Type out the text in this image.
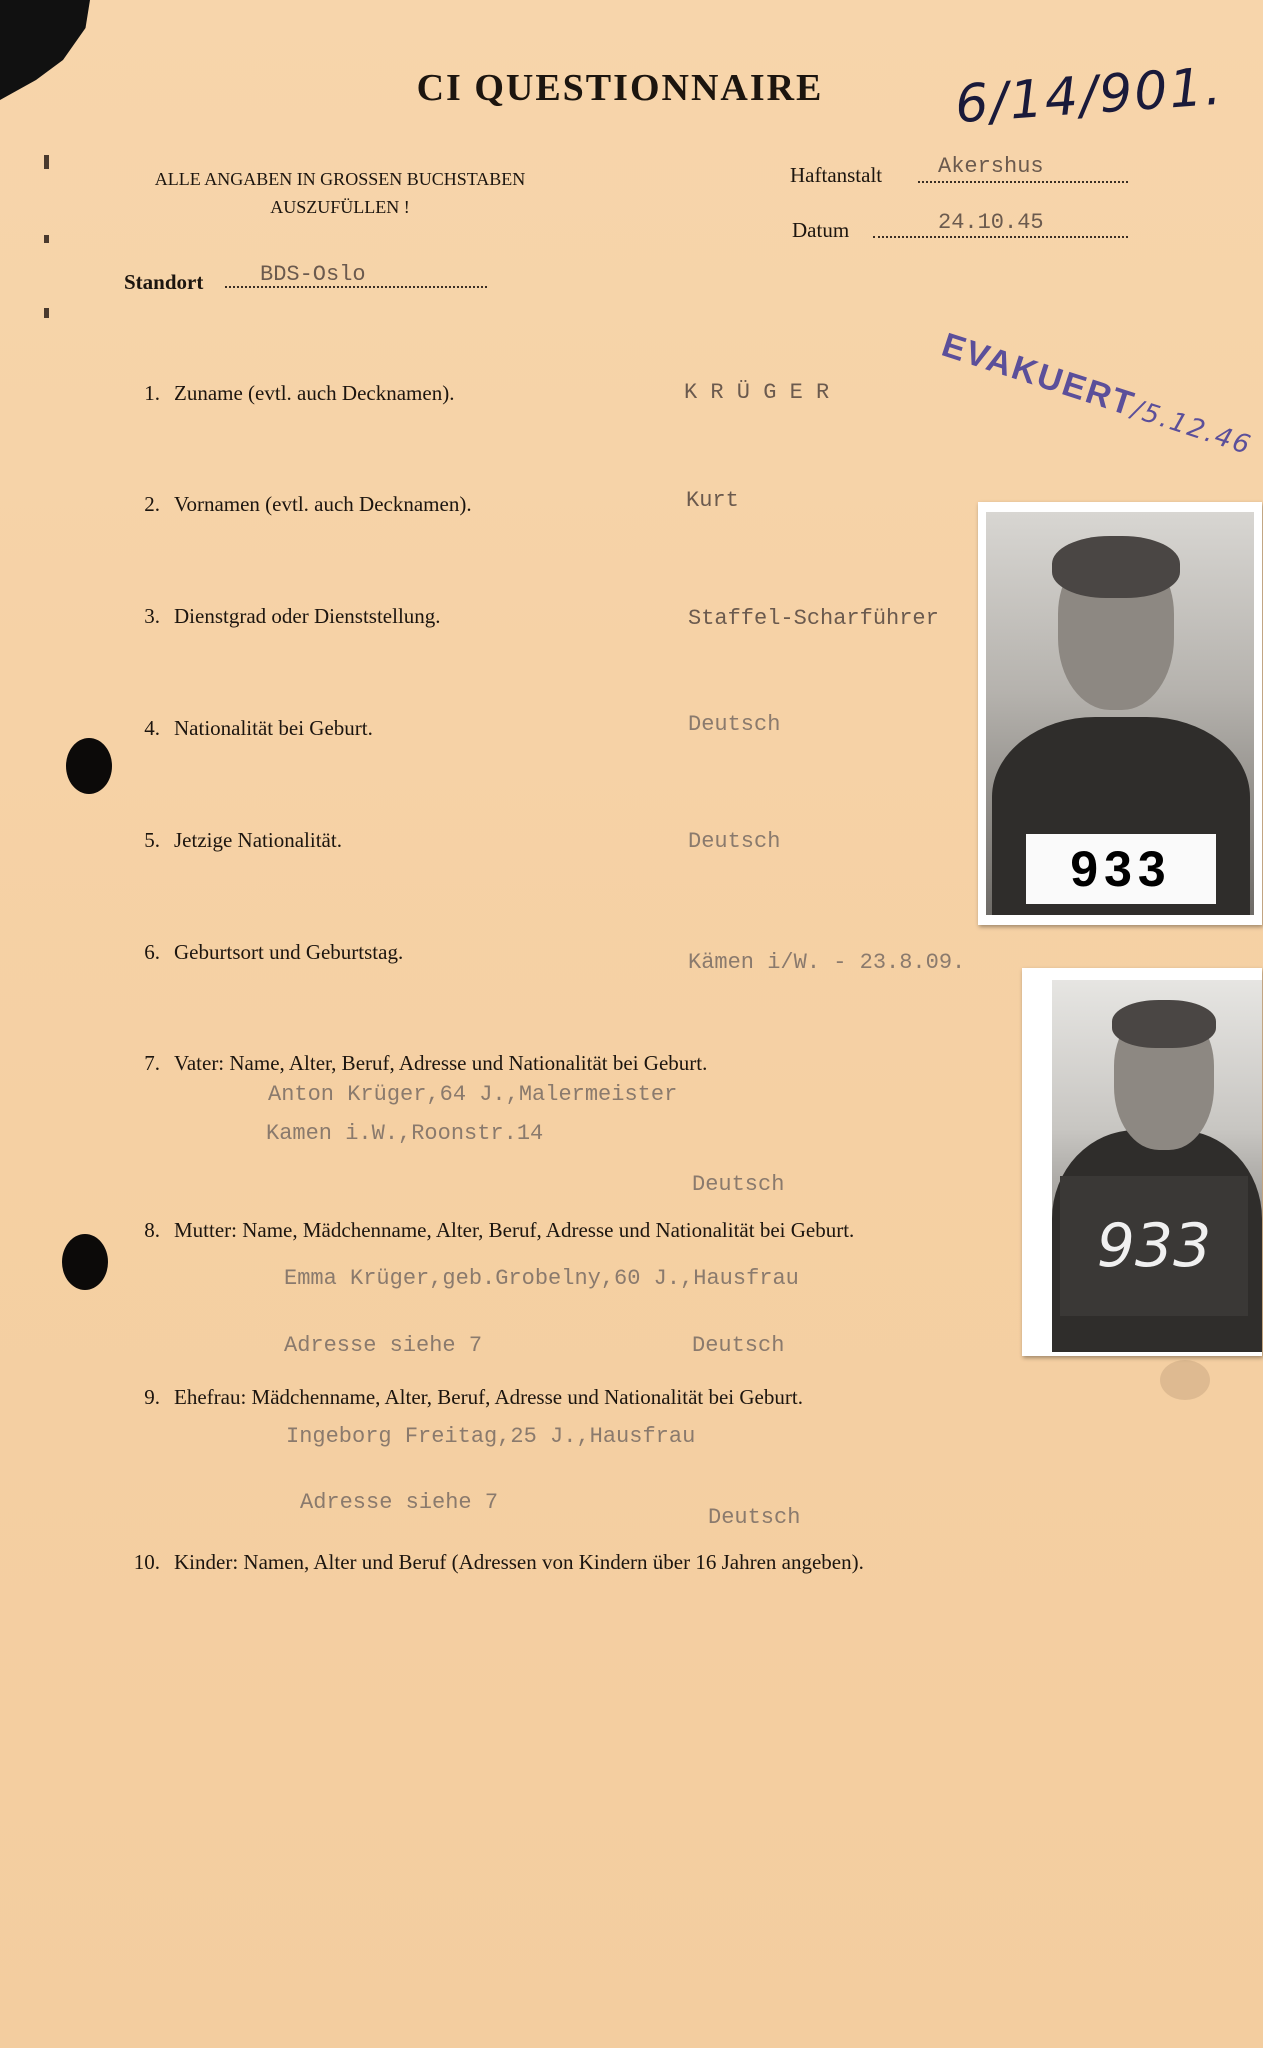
CI QUESTIONNAIRE
ALLE ANGABEN IN GROSSEN BUCHSTABEN
AUSZUFÜLLEN !
6/14/901.
Haftanstalt	Akershus
Datum	24.10.45
Standort	BDS-Oslo
EVAKUERT/5.12.46
1. Zuname (evtl. auch Decknamen).	K R Ü G E R
2. Vornamen (evtl. auch Decknamen).	Kurt
3. Dienstgrad oder Dienststellung.	Staffel-Scharführer
4. Nationalität bei Geburt.	Deutsch
5. Jetzige Nationalität.	Deutsch
6. Geburtsort und Geburtstag.	Kämen i/W. - 23.8.09.
7. Vater: Name, Alter, Beruf, Adresse und Nationalität bei Geburt.
Anton Krüger,64 J.,Malermeister
Kamen i.W.,Roonstr.14
Deutsch
8. Mutter: Name, Mädchenname, Alter, Beruf, Adresse und Nationalität bei Geburt.
Emma Krüger,geb.Grobelny,60 J.,Hausfrau
Adresse siehe 7	Deutsch
9. Ehefrau: Mädchenname, Alter, Beruf, Adresse und Nationalität bei Geburt.
Ingeborg Freitag,25 J.,Hausfrau
Adresse siehe 7
Deutsch
10. Kinder: Namen, Alter und Beruf (Adressen von Kindern über 16 Jahren angeben).
933
933
